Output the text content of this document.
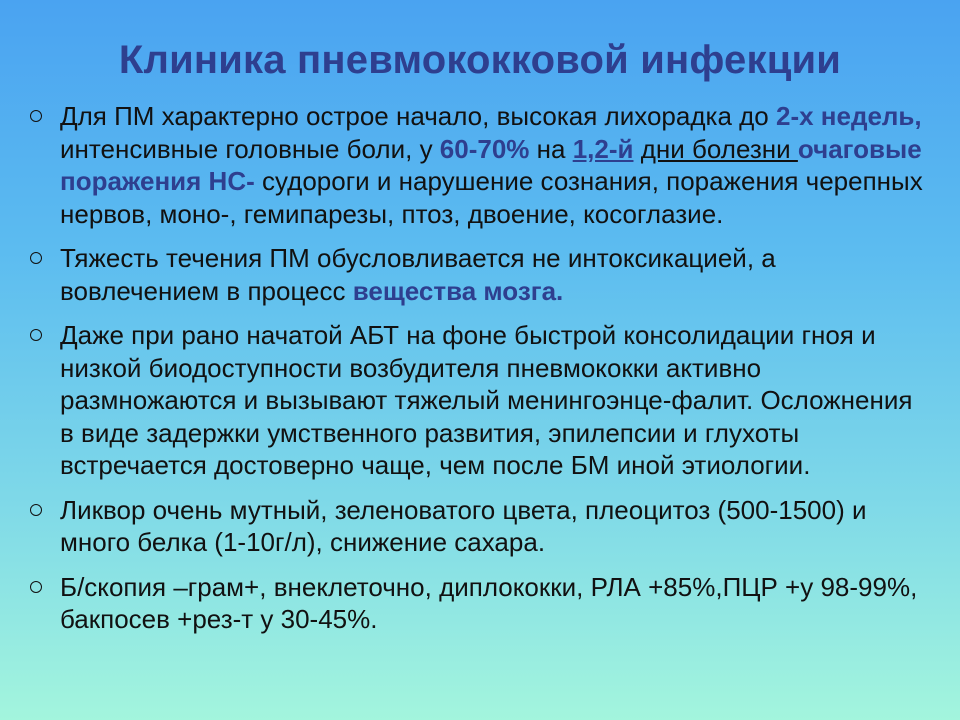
Клиника пневмококковой инфекции
Для ПМ характерно острое начало, высокая лихорадка до 2-х недель, интенсивные головные боли, у 60-70% на 1,2-й дни болезни очаговые поражения НС- судороги и нарушение сознания, поражения черепных нервов, моно-, гемипарезы, птоз, двоение, косоглазие.
Тяжесть течения ПМ обусловливается не интоксикацией, а вовлечением в процесс вещества мозга.
Даже при рано начатой АБТ на фоне быстрой консолидации гноя и низкой биодоступности возбудителя пневмококки активно размножаются и вызывают тяжелый менингоэнце-фалит. Осложнения в виде задержки умственного развития, эпилепсии и глухоты встречается достоверно чаще, чем после БМ иной этиологии.
Ликвор очень мутный, зеленоватого цвета, плеоцитоз (500-1500) и много белка (1-10г/л), снижение сахара.
Б/скопия –грам+, внеклеточно, диплококки, РЛА +85%,ПЦР +у 98-99%, бакпосев +рез-т у 30-45%.
